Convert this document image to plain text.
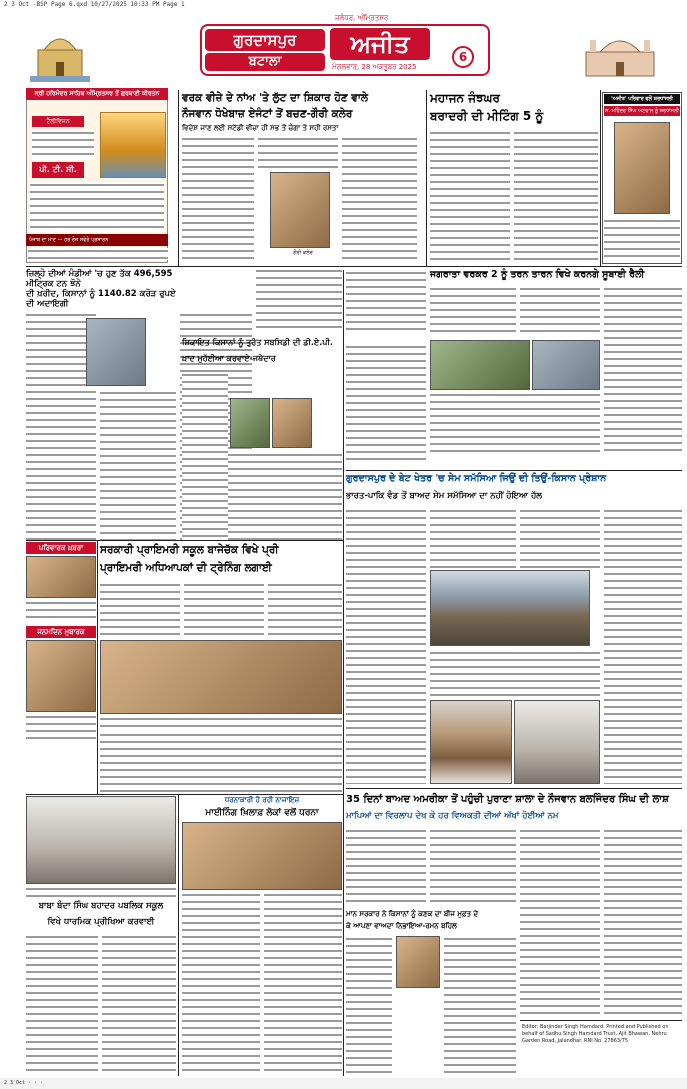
2 3 Oct -BSP Page 6.qxd 10/27/2025 10:33 PM Page 1
ਗੁਰਦਾਸਪੁਰ
ਬਟਾਲਾ
ਜਲੰਧਰ, ਅੰਮ੍ਰਿਤਸਰ
ਅਜੀਤ
ਮੰਗਲਵਾਰ, 28 ਅਕਤੂਬਰ 2025
6
ਸ੍ਰੀ ਹਰਿਮੰਦਰ ਸਾਹਿਬ ਅੰਮ੍ਰਿਤਸਰ ਤੋਂ ਗੁਰਬਾਣੀ ਕੀਰਤਨ
ਟੈਲੀਵਿਜ਼ਨ
ਪੀ. ਟੀ. ਸੀ.
ਪੰਜਾਬ ਦਾ ਮਾਣ — ਹਰ ਰੋਜ਼ ਸਵੇਰੇ ਪ੍ਰਸਾਰਨ
ਵਰਕ ਵੀਜ਼ੇ ਦੇ ਨਾਂਅ 'ਤੇ ਲੁੱਟ ਦਾ ਸ਼ਿਕਾਰ ਹੋਣ ਵਾਲੇ
ਨੌਜਵਾਨ ਧੋਖੇਬਾਜ਼ ਏਜੰਟਾਂ ਤੋਂ ਬਚਣ-ਗੌਰੀ ਕਲੇਰ
ਵਿਦੇਸ਼ ਜਾਣ ਲਈ ਸਟੱਡੀ ਵੀਜ਼ਾ ਹੀ ਸਭ ਤੋਂ ਚੰਗਾ ਤੇ ਸਹੀ ਰਸਤਾ
ਗੌਰੀ ਕਲੇਰ
ਮਹਾਜਨ ਜੰਝਘਰ
ਬਰਾਦਰੀ ਦੀ ਮੀਟਿੰਗ 5 ਨੂੰ
'ਅਜੀਤ' ਪਰਿਵਾਰ ਵਲੋਂ ਸ਼ਰਧਾਂਜਲੀ
ਸ. ਮਹਿੰਦਰ ਸਿੰਘ ਅਟਵਾਲ ਨੂੰ ਸ਼ਰਧਾਂਜਲੀ
ਜ਼ਿਲ੍ਹੇ ਦੀਆਂ ਮੰਡੀਆਂ 'ਚ ਹੁਣ ਤੱਕ 496,595 ਮੀਟ੍ਰਿਕ ਟਨ ਝੋਨੇ
ਦੀ ਖ਼ਰੀਦ, ਕਿਸਾਨਾਂ ਨੂੰ 1140.82 ਕਰੋੜ ਰੁਪਏ ਦੀ ਅਦਾਇਗੀ
ਸ਼ਿਕਾਇਤ ਕਿਸਾਨਾਂ ਨੂੰ ਤੁਰੰਤ ਸਬਸਿਡੀ ਦੀ ਡੀ.ਏ.ਪੀ.
ਖ਼ਾਦ ਮੁਹੱਈਆ ਕਰਵਾਏ-ਜਥੇਦਾਰ
ਜਗਰਾਤਾ ਵਰਕਰ 2 ਨੂੰ ਤਰਨ ਤਾਰਨ ਵਿਖੇ ਕਰਨਗੇ ਸੂਬਾਈ ਰੈਲੀ
ਗੁਰਦਾਸਪੁਰ ਦੇ ਬੇਟ ਖੇਤਰ 'ਚ ਸੇਮ ਸਮੱਸਿਆ ਜਿਉਂ ਦੀ ਤਿਉਂ-ਕਿਸਾਨ ਪ੍ਰੇਸ਼ਾਨ
ਭਾਰਤ-ਪਾਕਿ ਵੰਡ ਤੋਂ ਬਾਅਦ ਸੇਮ ਸਮੱਸਿਆ ਦਾ ਨਹੀਂ ਹੋਇਆ ਹੱਲ
ਪਰਿਵਾਰਕ ਖ਼ਬਰਾਂ
ਜਨਮਦਿਨ ਮੁਬਾਰਕ
ਸਰਕਾਰੀ ਪ੍ਰਾਇਮਰੀ ਸਕੂਲ ਬਾਜੇਚੱਕ ਵਿਖੇ ਪ੍ਰੀ
ਪ੍ਰਾਇਮਰੀ ਅਧਿਆਪਕਾਂ ਦੀ ਟ੍ਰੇਨਿੰਗ ਲਗਾਈ
35 ਦਿਨਾਂ ਬਾਅਦ ਅਮਰੀਕਾ ਤੋਂ ਪਹੁੰਚੀ ਪੁਰਾਣਾ ਸ਼ਾਲਾ ਦੇ ਨੌਜਵਾਨ ਬਲਜਿੰਦਰ ਸਿੰਘ ਦੀ ਲਾਸ਼
ਮਾਪਿਆਂ ਦਾ ਵਿਰਲਾਪ ਦੇਖ ਕੇ ਹਰ ਵਿਅਕਤੀ ਦੀਆਂ ਅੱਖਾਂ ਹੋਈਆਂ ਨਮ
ਮਾਨ ਸਰਕਾਰ ਨੇ ਕਿਸਾਨਾਂ ਨੂੰ ਕਣਕ ਦਾ ਬੀਜ ਮੁਫ਼ਤ ਦੇ
ਕੇ ਆਪਣਾ ਵਾਅਦਾ ਨਿਭਾਇਆ-ਰਮਨ ਬਹਿਲ
Editor: Barjinder Singh Hamdard. Printed and Published on behalf of Sadhu Singh Hamdard Trust, Ajit Bhawan, Nehru Garden Road, Jalandhar. RNI No. 27863/75
ਧਰਨਾਕਾਰੀ ਹੋ ਰਹੀ ਨਾਜਾਇਜ਼
ਮਾਈਨਿੰਗ ਖ਼ਿਲਾਫ਼ ਲੋਕਾਂ ਵਲੋਂ ਧਰਨਾ
ਬਾਬਾ ਬੰਦਾ ਸਿੰਘ ਬਹਾਦਰ ਪਬਲਿਕ ਸਕੂਲ
ਵਿਖੇ ਧਾਰਮਿਕ ਪ੍ਰੀਖਿਆ ਕਰਵਾਈ
2 3 Oct · · ·
